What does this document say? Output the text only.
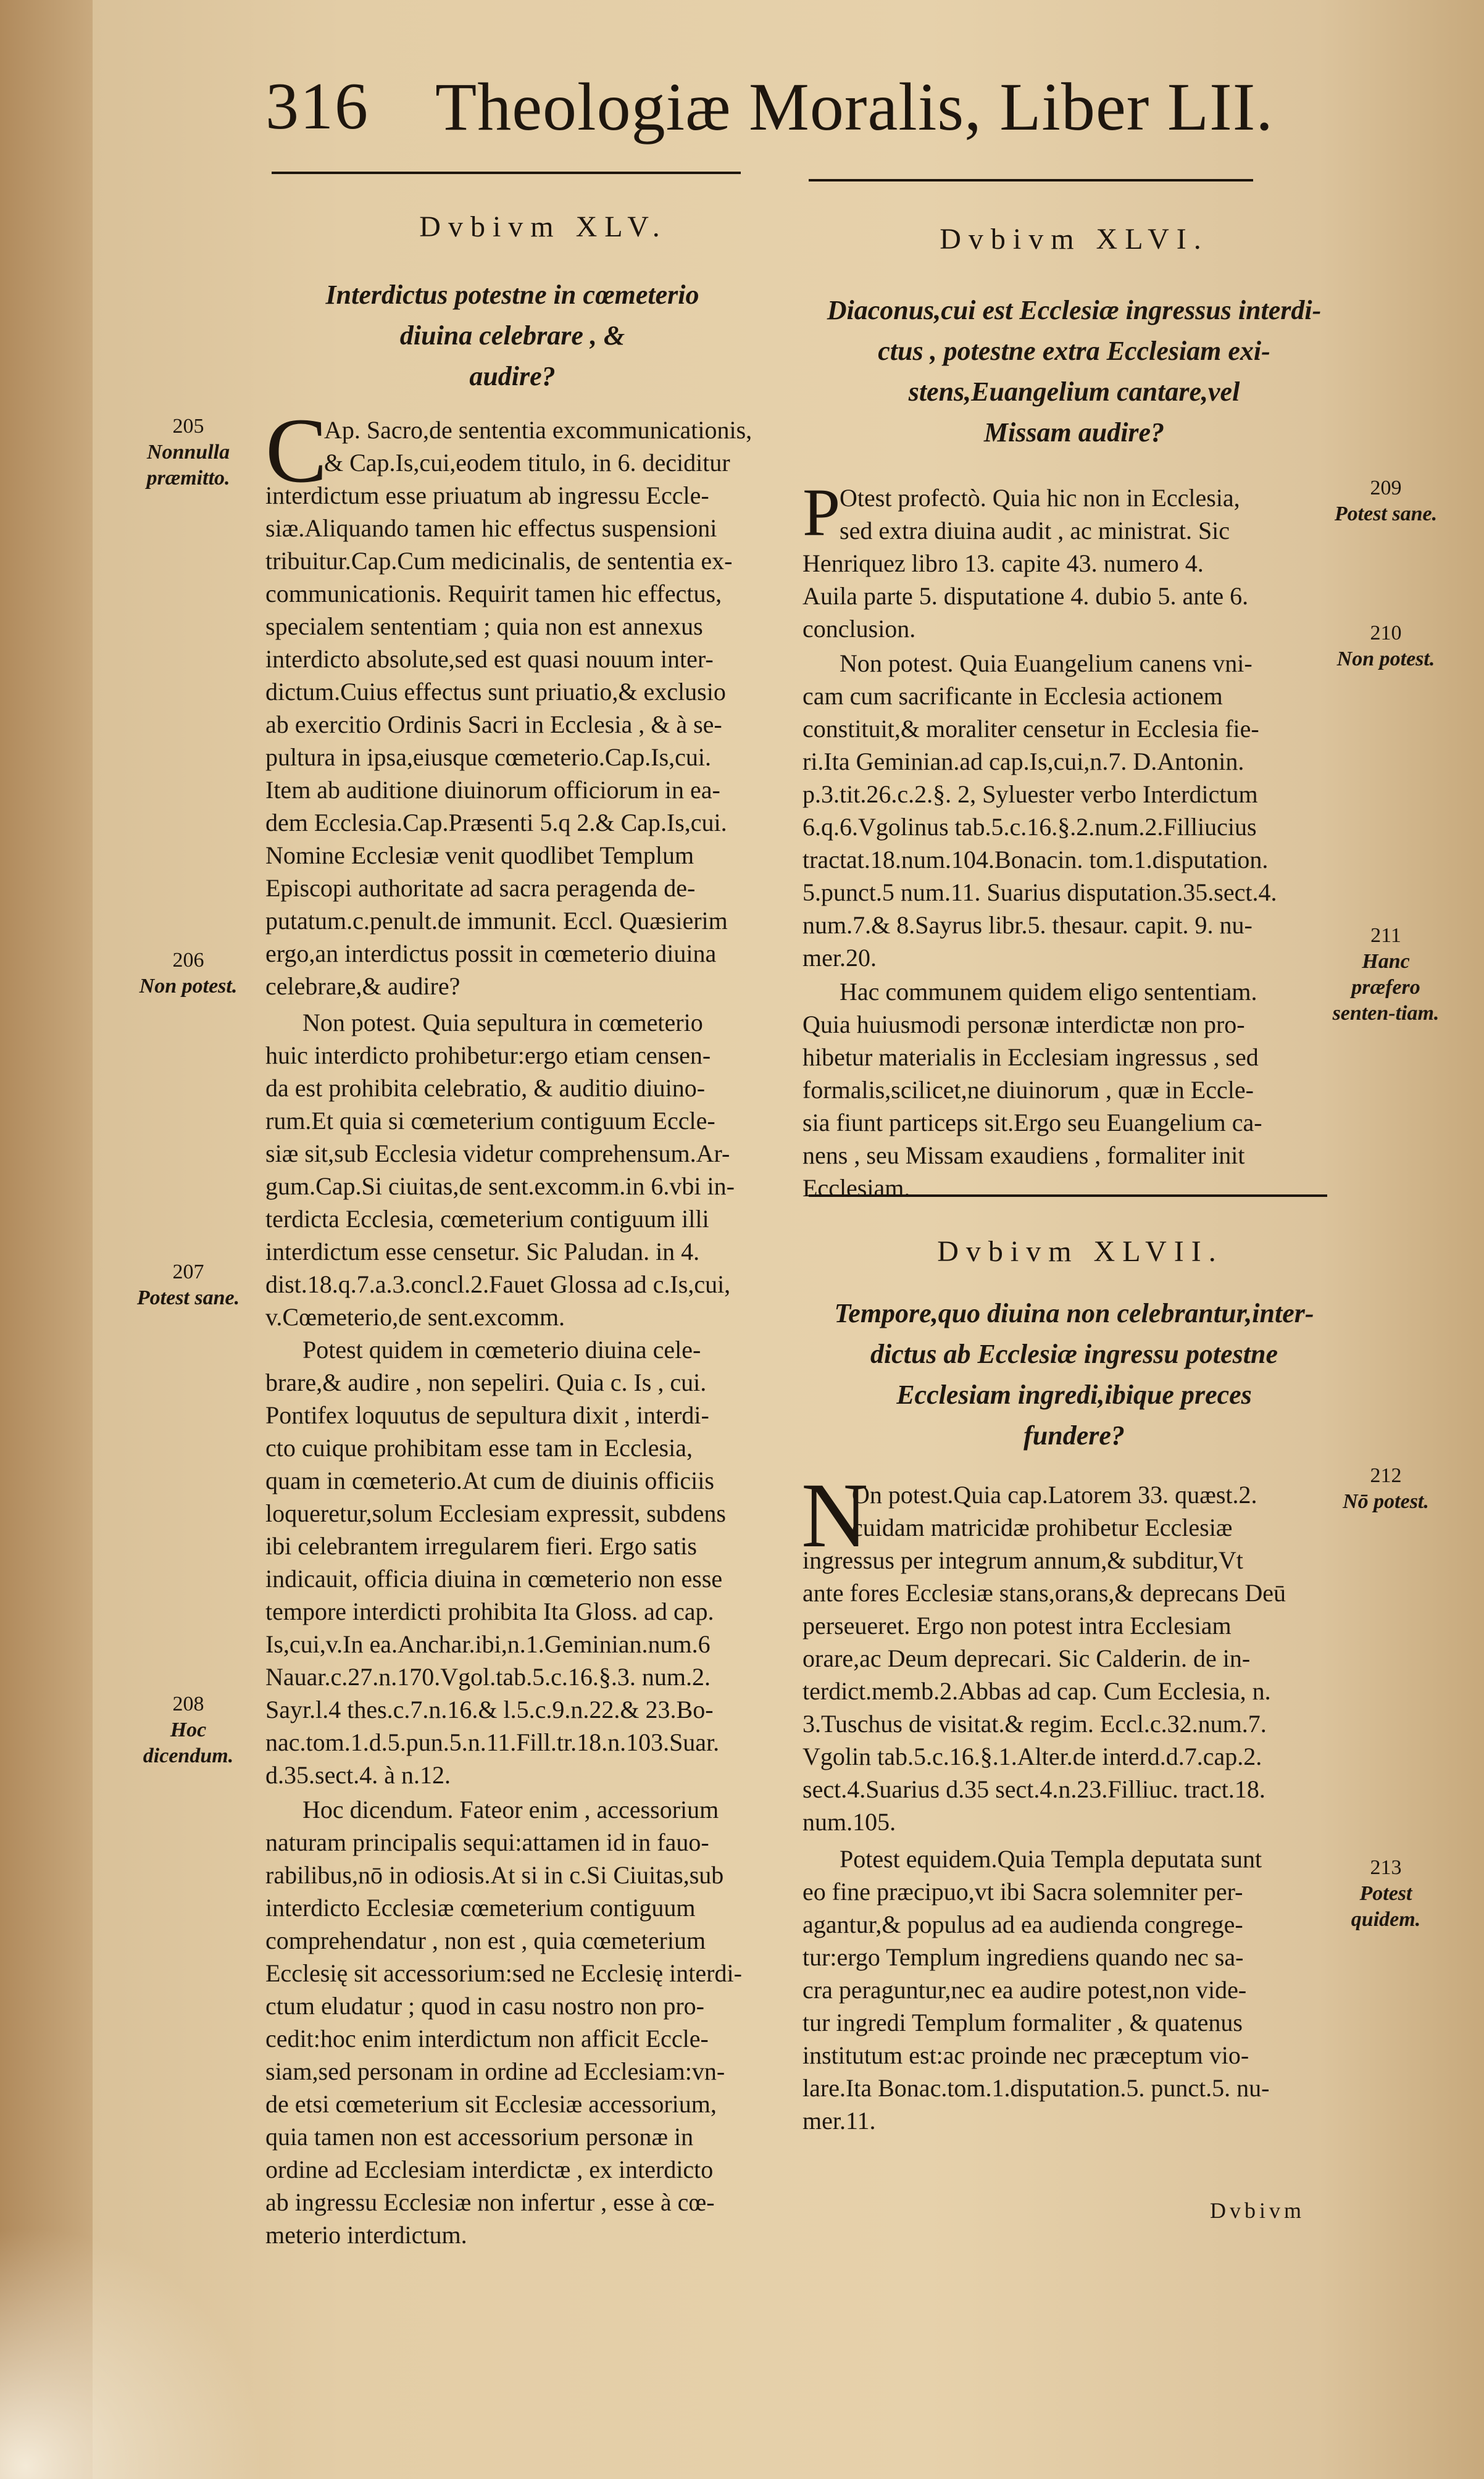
316 Theologiæ Moralis, Liber LII.
Dvbivm XLV.
Interdictus potestne in cœmeterio
diuina celebrare , &
audire?
205
Nonnulla præmitto.
206
Non potest.
207
Potest sane.
208
Hoc dicendum.
C
Ap. Sacro,de sententia excommunicationis,
& Cap.Is,cui,eodem titulo, in 6. deciditur
interdictum esse priuatum ab ingressu Eccle-
siæ.Aliquando tamen hic effectus suspensioni
tribuitur.Cap.Cum medicinalis, de sententia ex-
communicationis. Requirit tamen hic effectus,
specialem sententiam ; quia non est annexus
interdicto absolute,sed est quasi nouum inter-
dictum.Cuius effectus sunt priuatio,& exclusio
ab exercitio Ordinis Sacri in Ecclesia , & à se-
pultura in ipsa,eiusque cœmeterio.Cap.Is,cui.
Item ab auditione diuinorum officiorum in ea-
dem Ecclesia.Cap.Præsenti 5.q 2.& Cap.Is,cui.
Nomine Ecclesiæ venit quodlibet Templum
Episcopi authoritate ad sacra peragenda de-
putatum.c.penult.de immunit. Eccl. Quæsierim
ergo,an interdictus possit in cœmeterio diuina
celebrare,& audire?
Non potest. Quia sepultura in cœmeterio
huic interdicto prohibetur:ergo etiam censen-
da est prohibita celebratio, & auditio diuino-
rum.Et quia si cœmeterium contiguum Eccle-
siæ sit,sub Ecclesia videtur comprehensum.Ar-
gum.Cap.Si ciuitas,de sent.excomm.in 6.vbi in-
terdicta Ecclesia, cœmeterium contiguum illi
interdictum esse censetur. Sic Paludan. in 4.
dist.18.q.7.a.3.concl.2.Fauet Glossa ad c.Is,cui,
v.Cœmeterio,de sent.excomm.
Potest quidem in cœmeterio diuina cele-
brare,& audire , non sepeliri. Quia c. Is , cui.
Pontifex loquutus de sepultura dixit , interdi-
cto cuique prohibitam esse tam in Ecclesia,
quam in cœmeterio.At cum de diuinis officiis
loqueretur,solum Ecclesiam expressit, subdens
ibi celebrantem irregularem fieri. Ergo satis
indicauit, officia diuina in cœmeterio non esse
tempore interdicti prohibita Ita Gloss. ad cap.
Is,cui,v.In ea.Anchar.ibi,n.1.Geminian.num.6
Nauar.c.27.n.170.Vgol.tab.5.c.16.§.3. num.2.
Sayr.l.4 thes.c.7.n.16.& l.5.c.9.n.22.& 23.Bo-
nac.tom.1.d.5.pun.5.n.11.Fill.tr.18.n.103.Suar.
d.35.sect.4. à n.12.
Hoc dicendum. Fateor enim , accessorium
naturam principalis sequi:attamen id in fauo-
rabilibus,nō in odiosis.At si in c.Si Ciuitas,sub
interdicto Ecclesiæ cœmeterium contiguum
comprehendatur , non est , quia cœmeterium
Ecclesię sit accessorium:sed ne Ecclesię interdi-
ctum eludatur ; quod in casu nostro non pro-
cedit:hoc enim interdictum non afficit Eccle-
siam,sed personam in ordine ad Ecclesiam:vn-
de etsi cœmeterium sit Ecclesiæ accessorium,
quia tamen non est accessorium personæ in
ordine ad Ecclesiam interdictæ , ex interdicto
ab ingressu Ecclesiæ non infertur , esse à cœ-
meterio interdictum.
Dvbivm XLVI.
Diaconus,cui est Ecclesiæ ingressus interdi-
ctus , potestne extra Ecclesiam exi-
stens,Euangelium cantare,vel
Missam audire?
209
Potest sane.
210
Non potest.
211
Hanc præfero senten-tiam.
212
Nō potest.
213
Potest quidem.
P
Otest profectò. Quia hic non in Ecclesia,
sed extra diuina audit , ac ministrat. Sic
Henriquez libro 13. capite 43. numero 4.
Auila parte 5. disputatione 4. dubio 5. ante 6.
conclusion.
Non potest. Quia Euangelium canens vni-
cam cum sacrificante in Ecclesia actionem
constituit,& moraliter censetur in Ecclesia fie-
ri.Ita Geminian.ad cap.Is,cui,n.7. D.Antonin.
p.3.tit.26.c.2.§. 2, Syluester verbo Interdictum
6.q.6.Vgolinus tab.5.c.16.§.2.num.2.Filliucius
tractat.18.num.104.Bonacin. tom.1.disputation.
5.punct.5 num.11. Suarius disputation.35.sect.4.
num.7.& 8.Sayrus libr.5. thesaur. capit. 9. nu-
mer.20.
Hac communem quidem eligo sententiam.
Quia huiusmodi personæ interdictæ non pro-
hibetur materialis in Ecclesiam ingressus , sed
formalis,scilicet,ne diuinorum , quæ in Eccle-
sia fiunt particeps sit.Ergo seu Euangelium ca-
nens , seu Missam exaudiens , formaliter init
Ecclesiam.
Dvbivm XLVII.
Tempore,quo diuina non celebrantur,inter-
dictus ab Ecclesiæ ingressu potestne
Ecclesiam ingredi,ibique preces
fundere?
N
On potest.Quia cap.Latorem 33. quæst.2.
cuidam matricidæ prohibetur Ecclesiæ
ingressus per integrum annum,& subditur,Vt
ante fores Ecclesiæ stans,orans,& deprecans Deū
perseueret. Ergo non potest intra Ecclesiam
orare,ac Deum deprecari. Sic Calderin. de in-
terdict.memb.2.Abbas ad cap. Cum Ecclesia, n.
3.Tuschus de visitat.& regim. Eccl.c.32.num.7.
Vgolin tab.5.c.16.§.1.Alter.de interd.d.7.cap.2.
sect.4.Suarius d.35 sect.4.n.23.Filliuc. tract.18.
num.105.
Potest equidem.Quia Templa deputata sunt
eo fine præcipuo,vt ibi Sacra solemniter per-
agantur,& populus ad ea audienda congrege-
tur:ergo Templum ingrediens quando nec sa-
cra peraguntur,nec ea audire potest,non vide-
tur ingredi Templum formaliter , & quatenus
institutum est:ac proinde nec præceptum vio-
lare.Ita Bonac.tom.1.disputation.5. punct.5. nu-
mer.11.
Dvbivm
